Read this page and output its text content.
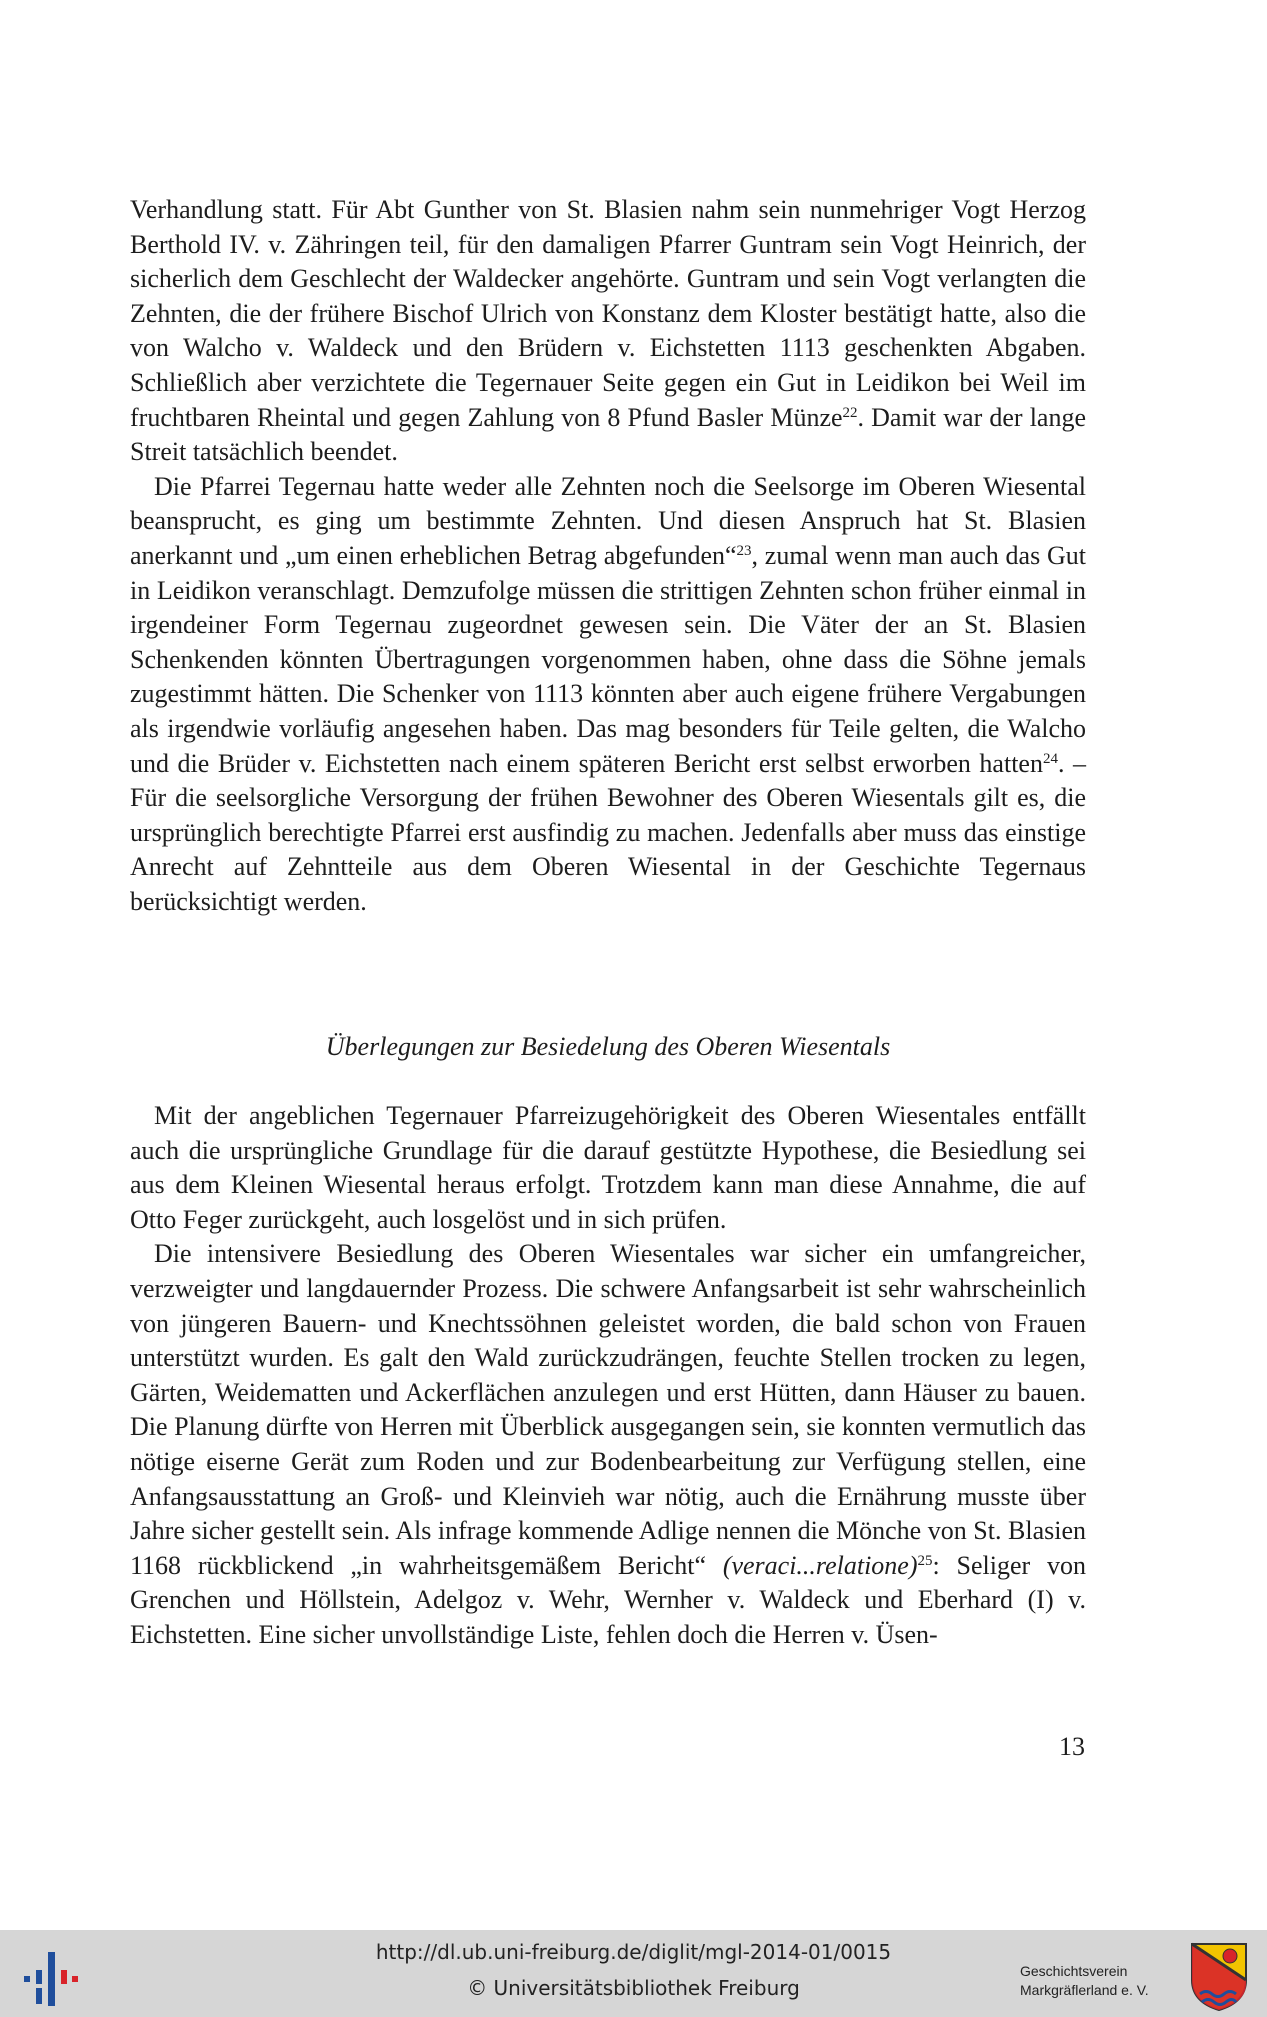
Verhandlung statt. Für Abt Gunther von St. Blasien nahm sein nunmehriger Vogt Herzog Berthold IV. v. Zähringen teil, für den damaligen Pfarrer Guntram sein Vogt Heinrich, der sicherlich dem Geschlecht der Waldecker angehörte. Guntram und sein Vogt verlangten die Zehnten, die der frühere Bischof Ulrich von Konstanz dem Kloster bestätigt hatte, also die von Walcho v. Waldeck und den Brüdern v. Eichstetten 1113 geschenkten Abgaben. Schließlich aber verzichtete die Tegernauer Seite gegen ein Gut in Leidikon bei Weil im fruchtbaren Rheintal und gegen Zahlung von 8 Pfund Basler Münze$^{22}$. Damit war der lange Streit tatsächlich beendet.

Die Pfarrei Tegernau hatte weder alle Zehnten noch die Seelsorge im Oberen Wiesental beansprucht, es ging um bestimmte Zehnten. Und diesen Anspruch hat St. Blasien anerkannt und „um einen erheblichen Betrag abgefunden“$^{23}$, zumal wenn man auch das Gut in Leidikon veranschlagt. Demzufolge müssen die strittigen Zehnten schon früher einmal in irgendeiner Form Tegernau zugeordnet gewesen sein. Die Väter der an St. Blasien Schenkenden könnten Übertragungen vorgenommen haben, ohne dass die Söhne jemals zugestimmt hätten. Die Schenker von 1113 könnten aber auch eigene frühere Vergabungen als irgendwie vorläufig angesehen haben. Das mag besonders für Teile gelten, die Walcho und die Brüder v. Eichstetten nach einem späteren Bericht erst selbst erworben hatten$^{24}$. – Für die seelsorgliche Versorgung der frühen Bewohner des Oberen Wiesentals gilt es, die ursprünglich berechtigte Pfarrei erst ausfindig zu machen. Jedenfalls aber muss das einstige Anrecht auf Zehntteile aus dem Oberen Wiesental in der Geschichte Tegernaus berücksichtigt werden.

Überlegungen zur Besiedelung des Oberen Wiesentals

Mit der angeblichen Tegernauer Pfarreizugehörigkeit des Oberen Wiesentales entfällt auch die ursprüngliche Grundlage für die darauf gestützte Hypothese, die Besiedlung sei aus dem Kleinen Wiesental heraus erfolgt. Trotzdem kann man diese Annahme, die auf Otto Feger zurückgeht, auch losgelöst und in sich prüfen.

Die intensivere Besiedlung des Oberen Wiesentales war sicher ein umfangreicher, verzweigter und langdauernder Prozess. Die schwere Anfangsarbeit ist sehr wahrscheinlich von jüngeren Bauern- und Knechtssöhnen geleistet worden, die bald schon von Frauen unterstützt wurden. Es galt den Wald zurückzudrängen, feuchte Stellen trocken zu legen, Gärten, Weidematten und Ackerflächen anzulegen und erst Hütten, dann Häuser zu bauen. Die Planung dürfte von Herren mit Überblick ausgegangen sein, sie konnten vermutlich das nötige eiserne Gerät zum Roden und zur Bodenbearbeitung zur Verfügung stellen, eine Anfangsausstattung an Groß- und Kleinvieh war nötig, auch die Ernährung musste über Jahre sicher gestellt sein. Als infrage kommende Adlige nennen die Mönche von St. Blasien 1168 rückblickend „in wahrheitsgemäßem Bericht“ (veraci...relatione)$^{25}$: Seliger von Grenchen und Höllstein, Adelgoz v. Wehr, Wernher v. Waldeck und Eberhard (I) v. Eichstetten. Eine sicher unvollständige Liste, fehlen doch die Herren v. Üsen-

13
http://dl.ub.uni-freiburg.de/diglit/mgl-2014-01/0015
© Universitätsbibliothek Freiburg
Geschichtsverein
Markgräflerland e. V.
